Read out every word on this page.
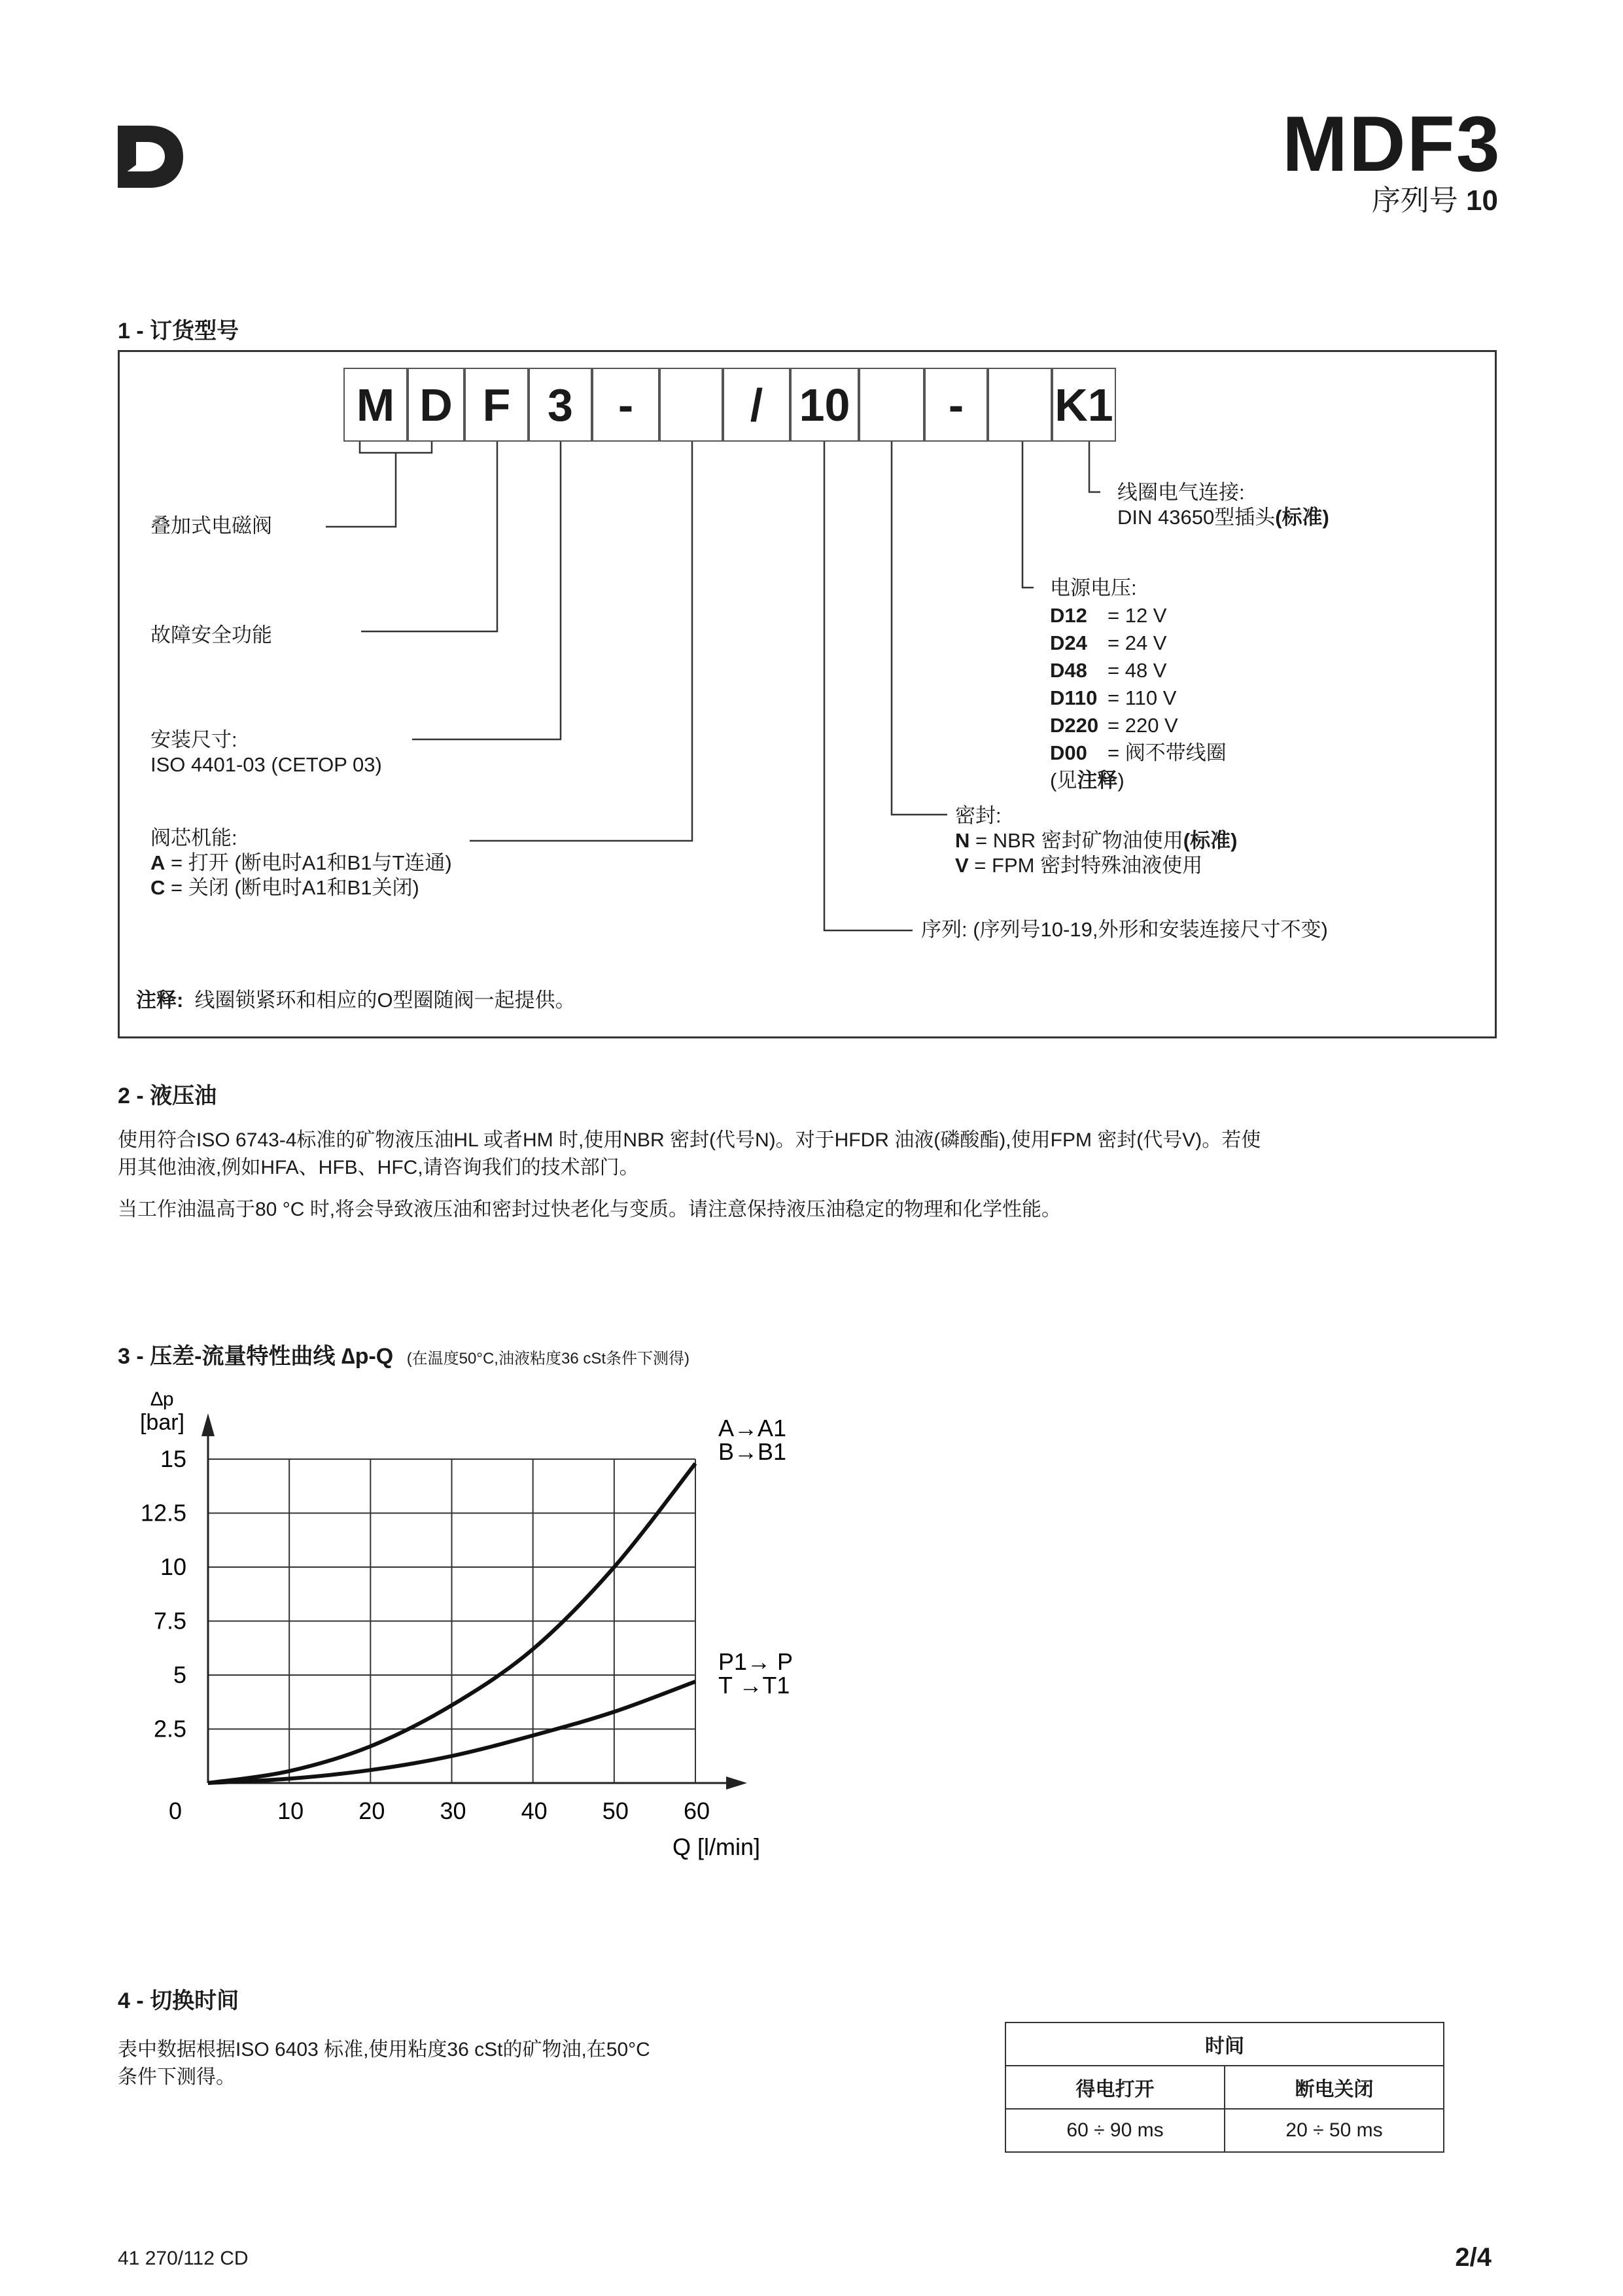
MDF3
序列号 10
1 - 订货型号
M D F 3 -	/ 10	-	K1
叠加式电磁阀
故障安全功能
安装尺寸:
ISO 4401-03 (CETOP 03)
阀芯机能:
A = 打开 (断电时A1和B1与T连通)
C = 关闭 (断电时A1和B1关闭)
线圈电气连接:
DIN 43650型插头(标准)
电源电压:
D12 = 12 V
D24 = 24 V
D48 = 48 V
D110 = 110 V
D220 = 220 V
D00 = 阀不带线圈
(见注释)
密封:
N = NBR 密封矿物油使用(标准)
V = FPM 密封特殊油液使用
序列: (序列号10-19,外形和安装连接尺寸不变)
注释: 线圈锁紧环和相应的O型圈随阀一起提供。
2 - 液压油
使用符合ISO 6743-4标准的矿物液压油HL 或者HM 时,使用NBR 密封(代号N)。对于HFDR 油液(磷酸酯),使用FPM 密封(代号V)。若使
用其他油液,例如HFA、HFB、HFC,请咨询我们的技术部门。
当工作油温高于80 °C 时,将会导致液压油和密封过快老化与变质。请注意保持液压油稳定的物理和化学性能。
3 - 压差-流量特性曲线 ∆p-Q (在温度50°C,油液粘度36 cSt条件下测得)
0	10 20 30 40 50 60
2.5
5
7.5
10
12.5
15
∆p
[bar]
Q [l/min]
A→A1
B→B1
P1→ P
T →T1
4 - 切换时间
表中数据根据ISO 6403 标准,使用粘度36 cSt的矿物油,在50°C
条件下测得。
时间	
得电打开	断电关闭
60 ÷ 90 ms	20 ÷ 50 ms
41 270/112 CD	2/4
